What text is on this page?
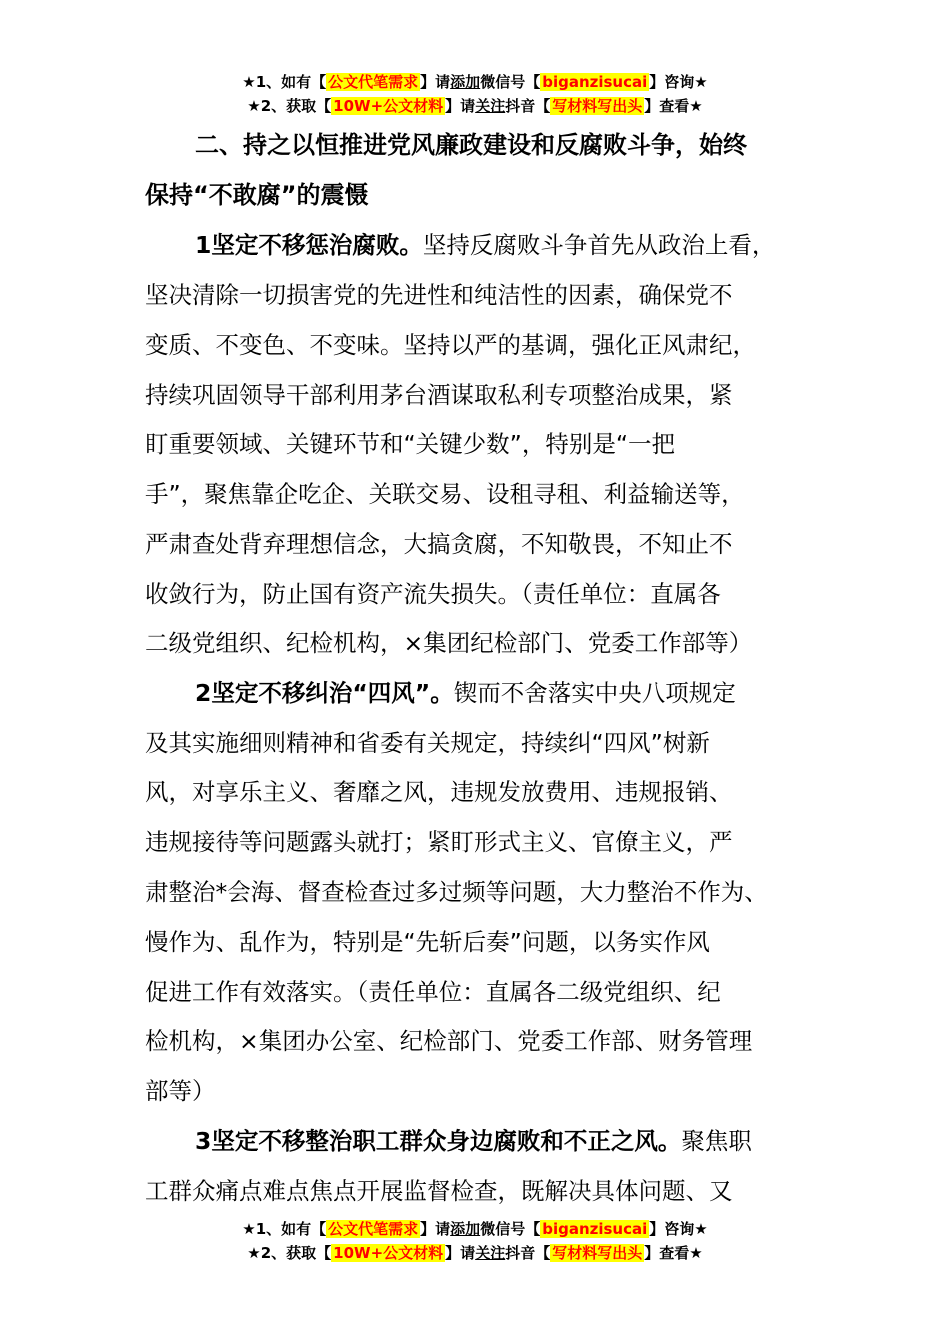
★1、如有【 公文代笔需求 】请添加微信号【 biganzisucai 】咨询★
★2、获取【 10W+公文材料 】请关注抖音【 写材料写出头 】查看★
二、持之以恒推进党风廉政建设和反腐败斗争，始终
保持“不敢腐”的震慑
1坚定不移惩治腐败。坚持反腐败斗争首先从政治上看，
坚决清除一切损害党的先进性和纯洁性的因素，确保党不
变质、不变色、不变味。坚持以严的基调，强化正风肃纪，
持续巩固领导干部利用茅台酒谋取私利专项整治成果，紧
盯重要领域、关键环节和“关键少数”，特别是“一把
手”，聚焦靠企吃企、关联交易、设租寻租、利益输送等，
严肃查处背弃理想信念，大搞贪腐，不知敬畏，不知止不
收敛行为，防止国有资产流失损失。（责任单位：直属各
二级党组织、纪检机构，×集团纪检部门、党委工作部等）
2坚定不移纠治“四风”。锲而不舍落实中央八项规定
及其实施细则精神和省委有关规定，持续纠“四风”树新
风，对享乐主义、奢靡之风，违规发放费用、违规报销、
违规接待等问题露头就打；紧盯形式主义、官僚主义，严
肃整治*会海、督查检查过多过频等问题，大力整治不作为、
慢作为、乱作为，特别是“先斩后奏”问题，以务实作风
促进工作有效落实。（责任单位：直属各二级党组织、纪
检机构，×集团办公室、纪检部门、党委工作部、财务管理
部等）
3坚定不移整治职工群众身边腐败和不正之风。聚焦职
工群众痛点难点焦点开展监督检查，既解决具体问题、又
★1、如有【 公文代笔需求 】请添加微信号【 biganzisucai 】咨询★
★2、获取【 10W+公文材料 】请关注抖音【 写材料写出头 】查看★
